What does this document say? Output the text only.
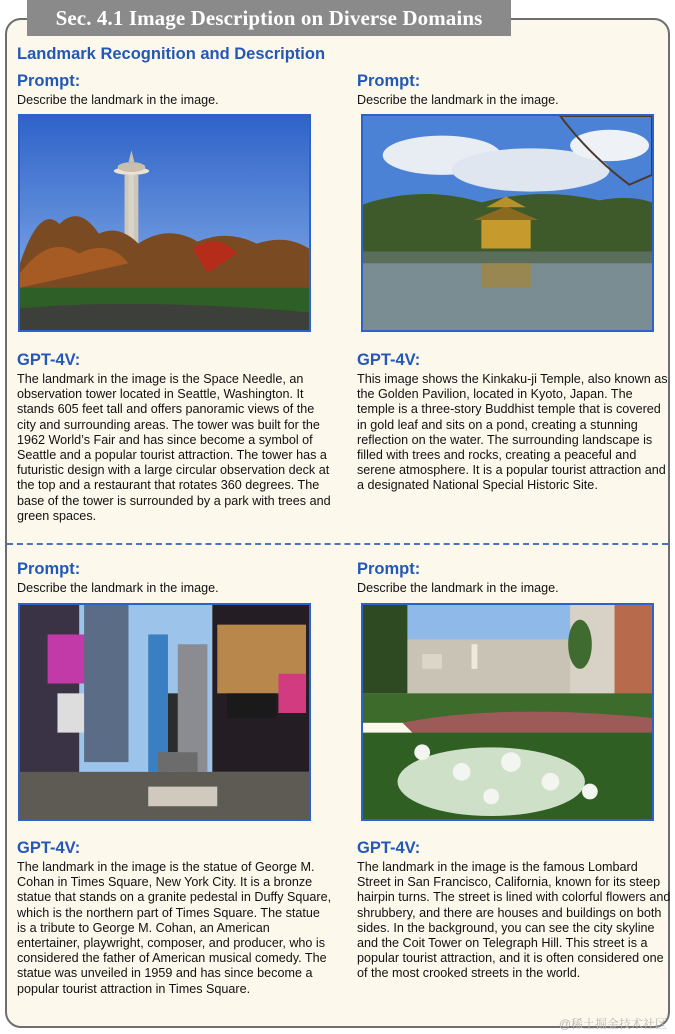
Sec. 4.1 Image Description on Diverse Domains
Landmark Recognition and Description
Prompt:
Describe the landmark in the image.
GPT-4V:
The landmark in the image is the Space Needle, an observation tower located in Seattle, Washington. It stands 605 feet tall and offers panoramic views of the city and surrounding areas. The tower was built for the 1962 World’s Fair and has since become a symbol of Seattle and a popular tourist attraction. The tower has a futuristic design with a large circular observation deck at the top and a restaurant that rotates 360 degrees. The base of the tower is surrounded by a park with trees and green spaces.
Prompt:
Describe the landmark in the image.
GPT-4V:
This image shows the Kinkaku-ji Temple, also known as the Golden Pavilion, located in Kyoto, Japan. The temple is a three-story Buddhist temple that is covered in gold leaf and sits on a pond, creating a stunning reflection on the water. The surrounding landscape is filled with trees and rocks, creating a peaceful and serene atmosphere. It is a popular tourist attraction and a designated National Special Historic Site.
Prompt:
Describe the landmark in the image.
GPT-4V:
The landmark in the image is the statue of George M. Cohan in Times Square, New York City. It is a bronze statue that stands on a granite pedestal in Duffy Square, which is the northern part of Times Square. The statue is a tribute to George M. Cohan, an American entertainer, playwright, composer, and producer, who is considered the father of American musical comedy. The statue was unveiled in 1959 and has since become a popular tourist attraction in Times Square.
Prompt:
Describe the landmark in the image.
GPT-4V:
The landmark in the image is the famous Lombard Street in San Francisco, California, known for its steep hairpin turns. The street is lined with colorful flowers and shrubbery, and there are houses and buildings on both sides. In the background, you can see the city skyline and the Coit Tower on Telegraph Hill. This street is a popular tourist attraction, and it is often considered one of the most crooked streets in the world.
@稀土掘金技术社区
